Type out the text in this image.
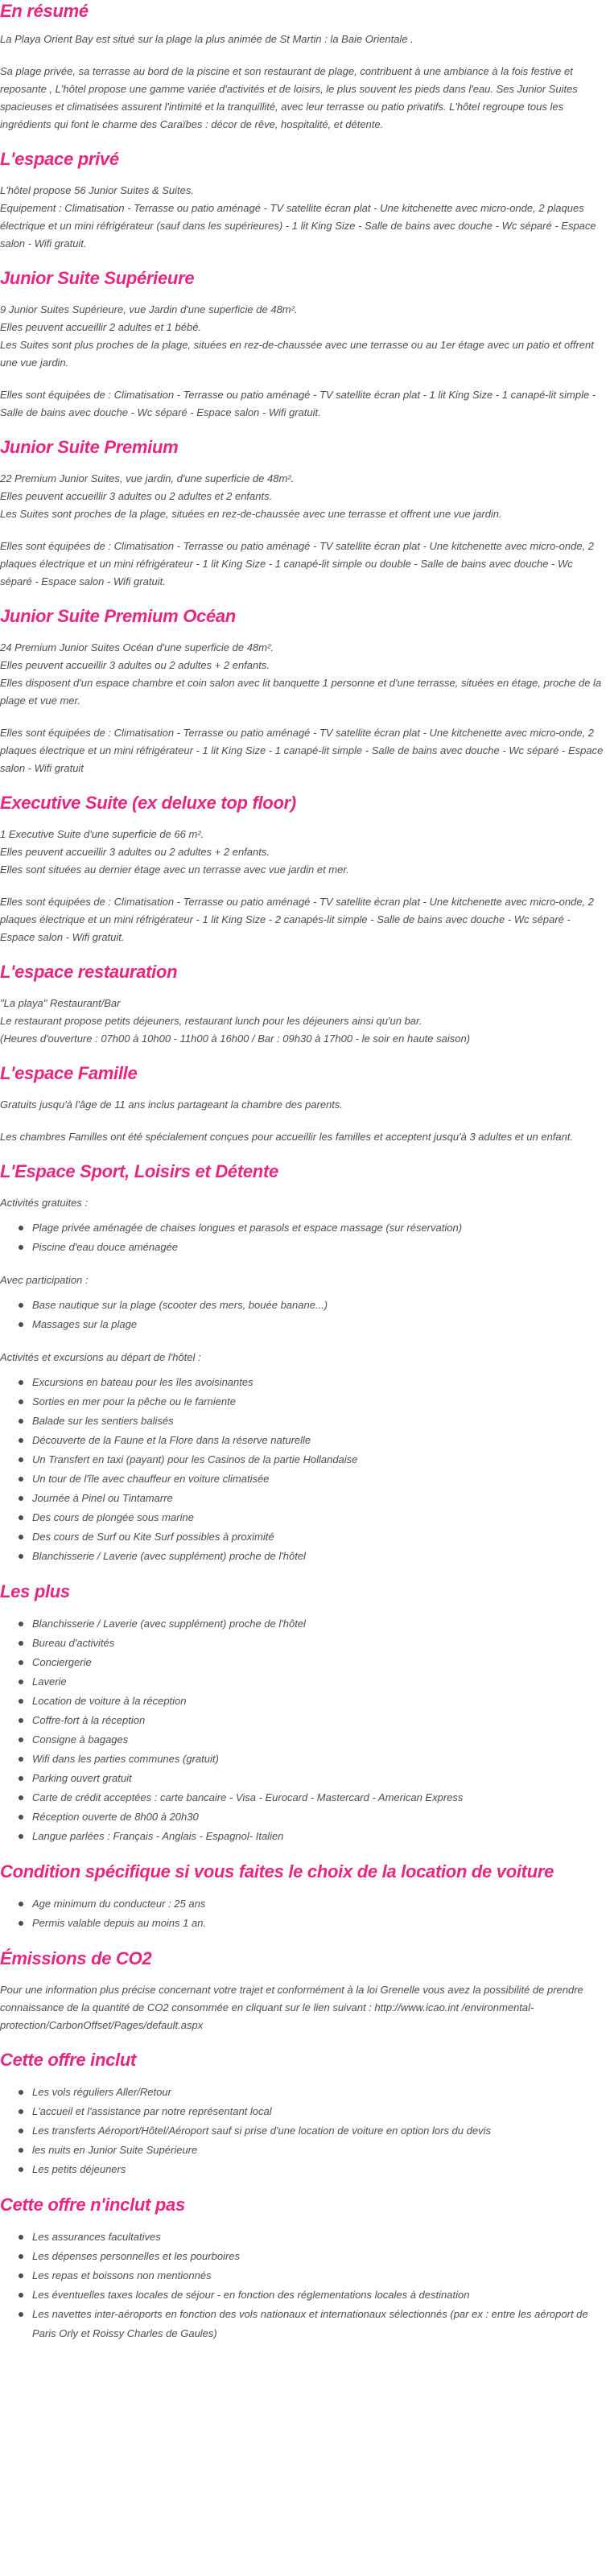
En résumé

La Playa Orient Bay est situé sur la plage la plus animée de St Martin : la Baie Orientale .

Sa plage privée, sa terrasse au bord de la piscine et son restaurant de plage, contribuent à une ambiance à la fois festive et reposante , L'hôtel propose une gamme variée d'activités et de loisirs, le plus souvent les pieds dans l'eau. Ses Junior Suites spacieuses et climatisées assurent l'intimité et la tranquillité, avec leur terrasse ou patio privatifs. L'hôtel regroupe tous les ingrédients qui font le charme des Caraïbes : décor de rêve, hospitalité, et détente.

L'espace privé

L'hôtel propose 56 Junior Suites & Suites.
Equipement : Climatisation - Terrasse ou patio aménagé - TV satellite écran plat - Une kitchenette avec micro-onde, 2 plaques électrique et un mini réfrigérateur (sauf dans les supérieures) - 1 lit King Size - Salle de bains avec douche - Wc séparé - Espace salon - Wifi gratuit.

Junior Suite Supérieure

9 Junior Suites Supérieure, vue Jardin d'une superficie de 48m².
Elles peuvent accueillir 2 adultes et 1 bébé.
Les Suites sont plus proches de la plage, situées en rez-de-chaussée avec une terrasse ou au 1er étage avec un patio et offrent une vue jardin.

Elles sont équipées de : Climatisation - Terrasse ou patio aménagé - TV satellite écran plat - 1 lit King Size - 1 canapé-lit simple - Salle de bains avec douche - Wc séparé - Espace salon - Wifi gratuit.

Junior Suite Premium

22 Premium Junior Suites, vue jardin, d'une superficie de 48m².
Elles peuvent accueillir 3 adultes ou 2 adultes et 2 enfants.
Les Suites sont proches de la plage, situées en rez-de-chaussée avec une terrasse et offrent une vue jardin.

Elles sont équipées de : Climatisation - Terrasse ou patio aménagé - TV satellite écran plat - Une kitchenette avec micro-onde, 2 plaques électrique et un mini réfrigérateur - 1 lit King Size - 1 canapé-lit simple ou double - Salle de bains avec douche - Wc séparé - Espace salon - Wifi gratuit.

Junior Suite Premium Océan

24 Premium Junior Suites Océan d'une superficie de 48m².
Elles peuvent accueillir 3 adultes ou 2 adultes + 2 enfants.
Elles disposent d'un espace chambre et coin salon avec lit banquette 1 personne et d'une terrasse, situées en étage, proche de la plage et vue mer.

Elles sont équipées de : Climatisation - Terrasse ou patio aménagé - TV satellite écran plat - Une kitchenette avec micro-onde, 2 plaques électrique et un mini réfrigérateur - 1 lit King Size - 1 canapé-lit simple - Salle de bains avec douche - Wc séparé - Espace salon - Wifi gratuit

Executive Suite (ex deluxe top floor)

1 Executive Suite d'une superficie de 66 m².
Elles peuvent accueillir 3 adultes ou 2 adultes + 2 enfants.
Elles sont situées au dernier étage avec un terrasse avec vue jardin et mer.

Elles sont équipées de : Climatisation - Terrasse ou patio aménagé - TV satellite écran plat - Une kitchenette avec micro-onde, 2 plaques électrique et un mini réfrigérateur - 1 lit King Size - 2 canapés-lit simple - Salle de bains avec douche - Wc séparé - Espace salon - Wifi gratuit.

L'espace restauration

"La playa" Restaurant/Bar
Le restaurant propose petits déjeuners, restaurant lunch pour les déjeuners ainsi qu'un bar.
(Heures d'ouverture : 07h00 à 10h00 - 11h00 à 16h00 / Bar : 09h30 à 17h00 - le soir en haute saison)

L'espace Famille

Gratuits jusqu'à l'âge de 11 ans inclus partageant la chambre des parents.

Les chambres Familles ont été spécialement conçues pour accueillir les familles et acceptent jusqu'à 3 adultes et un enfant.

L'Espace Sport, Loisirs et Détente

Activités gratuites :

Plage privée aménagée de chaises longues et parasols et espace massage (sur réservation)
Piscine d'eau douce aménagée

Avec participation :

Base nautique sur la plage (scooter des mers, bouée banane...)
Massages sur la plage

Activités et excursions au départ de l'hôtel :

Excursions en bateau pour les îles avoisinantes
Sorties en mer pour la pêche ou le farniente
Balade sur les sentiers balisés
Découverte de la Faune et la Flore dans la réserve naturelle
Un Transfert en taxi (payant) pour les Casinos de la partie Hollandaise
Un tour de l'île avec chauffeur en voiture climatisée
Journée à Pinel ou Tintamarre
Des cours de plongée sous marine
Des cours de Surf ou Kite Surf possibles à proximité
Blanchisserie / Laverie (avec supplément) proche de l'hôtel
Les plus
Blanchisserie / Laverie (avec supplément) proche de l'hôtel
Bureau d'activités
Conciergerie
Laverie
Location de voiture à la réception
Coffre-fort à la réception
Consigne à bagages
Wifi dans les parties communes (gratuit)
Parking ouvert gratuit
Carte de crédit acceptées : carte bancaire - Visa - Eurocard - Mastercard - American Express
Réception ouverte de 8h00 à 20h30
Langue parlées : Français - Anglais - Espagnol- Italien
Condition spécifique si vous faites le choix de la location de voiture
Age minimum du conducteur : 25 ans
Permis valable depuis au moins 1 an.
Émissions de CO2

Pour une information plus précise concernant votre trajet et conformément à la loi Grenelle vous avez la possibilité de prendre connaissance de la quantité de CO2 consommée en cliquant sur le lien suivant : http://www.icao.int /environmental-protection/CarbonOffset/Pages/default.aspx

Cette offre inclut
Les vols réguliers Aller/Retour
L'accueil et l'assistance par notre représentant local
Les transferts Aéroport/Hôtel/Aéroport sauf si prise d'une location de voiture en option lors du devis
les nuits en Junior Suite Supérieure
Les petits déjeuners
Cette offre n'inclut pas
Les assurances facultatives
Les dépenses personnelles et les pourboires
Les repas et boissons non mentionnés
Les éventuelles taxes locales de séjour - en fonction des réglementations locales à destination
Les navettes inter-aéroports en fonction des vols nationaux et internationaux sélectionnés (par ex : entre les aéroport de Paris Orly et Roissy Charles de Gaules)
